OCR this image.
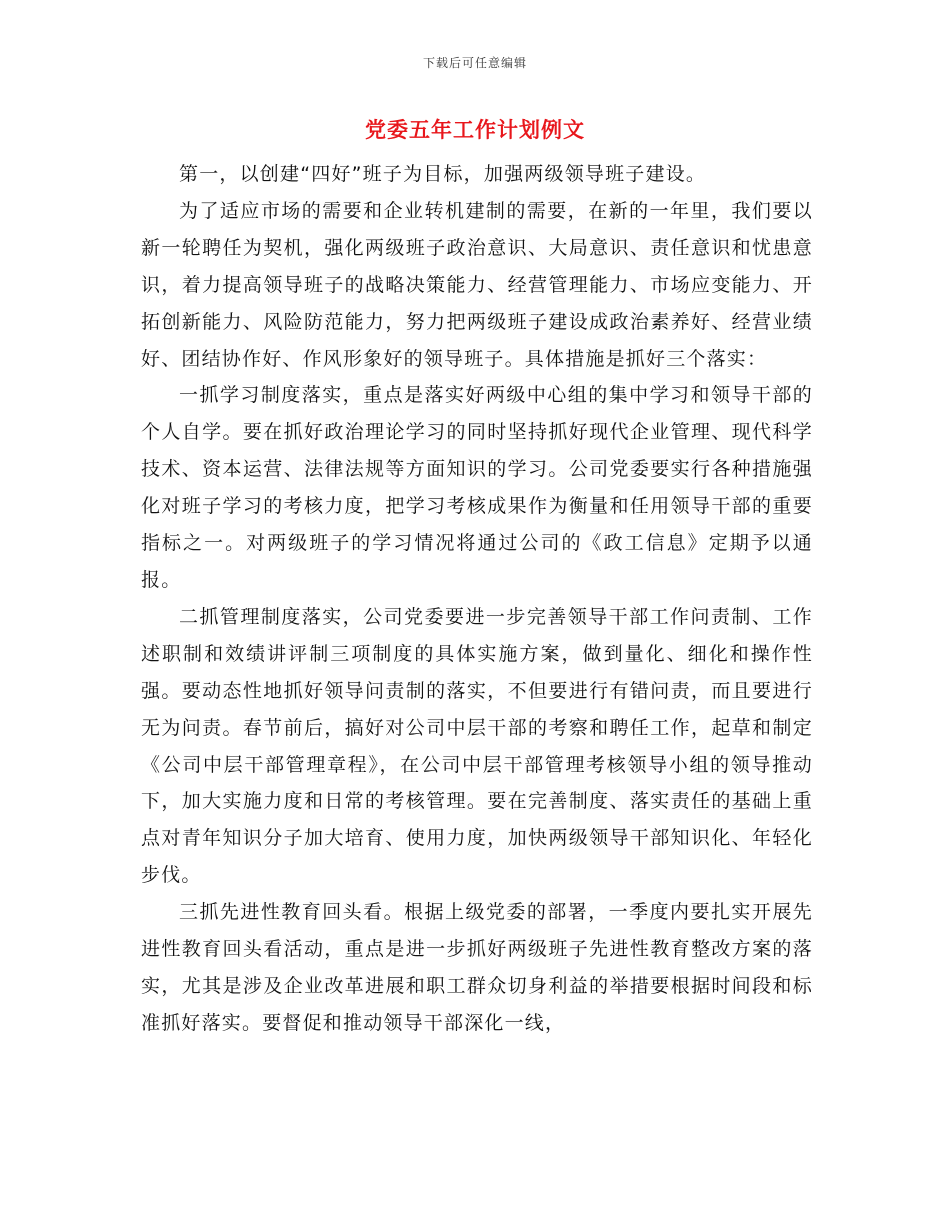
下载后可任意编辑
党委五年工作计划例文

第一，以创建“四好”班子为目标，加强两级领导班子建设。

为了适应市场的需要和企业转机建制的需要，在新的一年里，我们要以新一轮聘任为契机，强化两级班子政治意识、大局意识、责任意识和忧患意识，着力提高领导班子的战略决策能力、经营管理能力、市场应变能力、开拓创新能力、风险防范能力，努力把两级班子建设成政治素养好、经营业绩好、团结协作好、作风形象好的领导班子。具体措施是抓好三个落实：

一抓学习制度落实，重点是落实好两级中心组的集中学习和领导干部的个人自学。要在抓好政治理论学习的同时坚持抓好现代企业管理、现代科学技术、资本运营、法律法规等方面知识的学习。公司党委要实行各种措施强化对班子学习的考核力度，把学习考核成果作为衡量和任用领导干部的重要指标之一。对两级班子的学习情况将通过公司的《政工信息》定期予以通报。

二抓管理制度落实，公司党委要进一步完善领导干部工作问责制、工作述职制和效绩讲评制三项制度的具体实施方案，做到量化、细化和操作性强。要动态性地抓好领导问责制的落实，不但要进行有错问责，而且要进行无为问责。春节前后，搞好对公司中层干部的考察和聘任工作，起草和制定《公司中层干部管理章程》，在公司中层干部管理考核领导小组的领导推动下，加大实施力度和日常的考核管理。要在完善制度、落实责任的基础上重点对青年知识分子加大培育、使用力度，加快两级领导干部知识化、年轻化步伐。

三抓先进性教育回头看。根据上级党委的部署，一季度内要扎实开展先进性教育回头看活动，重点是进一步抓好两级班子先进性教育整改方案的落实，尤其是涉及企业改革进展和职工群众切身利益的举措要根据时间段和标准抓好落实。要督促和推动领导干部深化一线，
